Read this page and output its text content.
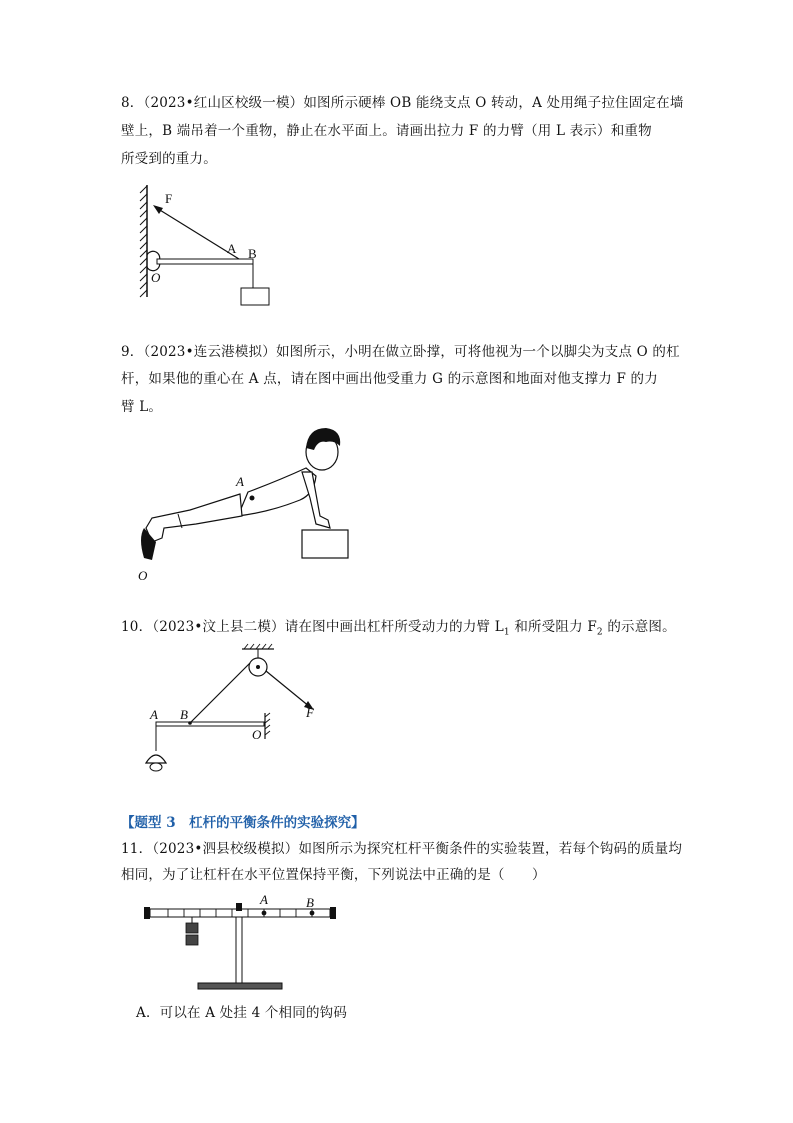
8．（2023•红山区校级一模）如图所示硬棒 OB 能绕支点 O 转动，A 处用绳子拉住固定在墙
壁上，B 端吊着一个重物，静止在水平面上。请画出拉力 F 的力臂（用 L 表示）和重物
所受到的重力。
F
A B
O
9．（2023•连云港模拟）如图所示，小明在做立卧撑，可将他视为一个以脚尖为支点 O 的杠
杆，如果他的重心在 A 点，请在图中画出他受重力 G 的示意图和地面对他支撑力 F 的力
臂 L。
A
O
10．（2023•汶上县二模）请在图中画出杠杆所受动力的力臂 $L_1$ 和所受阻力 $F_2$ 的示意图。
A B
O
F
【题型 3　杠杆的平衡条件的实验探究】
11．（2023•泗县校级模拟）如图所示为探究杠杆平衡条件的实验装置，若每个钩码的质量均
相同，为了让杠杆在水平位置保持平衡，下列说法中正确的是（　　）
A	B
A．可以在 A 处挂 4 个相同的钩码
